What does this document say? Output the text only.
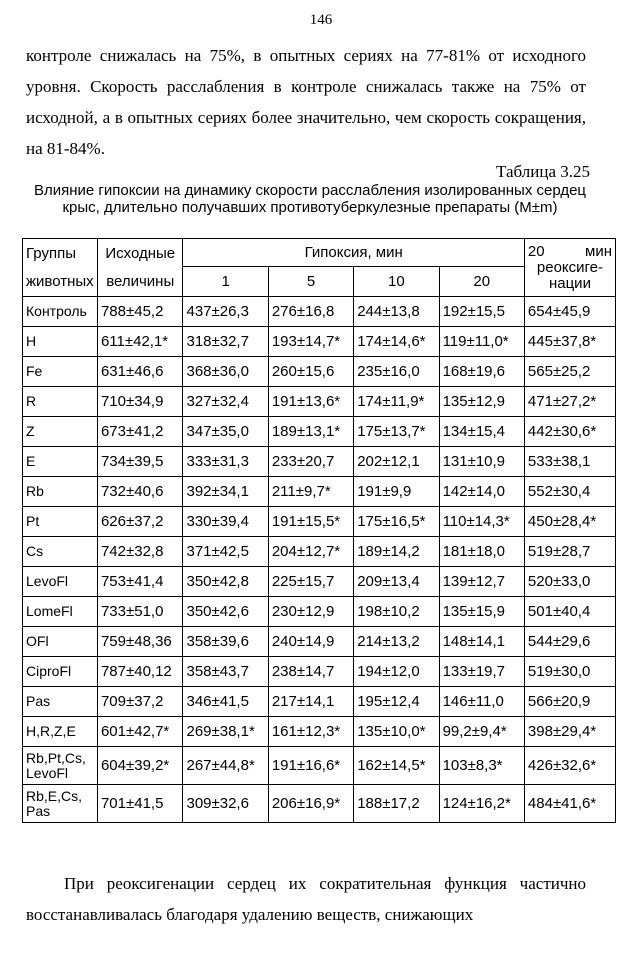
146

контроле снижалась на 75%, в опытных сериях на 77-81% от исходного уровня. Скорость расслабления в контроле снижалась также на 75% от исходной, а в опытных сериях более значительно, чем скорость сокращения, на 81-84%.

Таблица 3.25
Влияние гипоксии на динамику скорости расслабления изолированных сердец крыс, длительно получавших противотуберкулезные препараты (M±m)
Группы животных	Исходные величины	Гипоксия, мин				20 мин
реоксиге-нации

		1	5	10	20	
Контроль	788±45,2	437±26,3	276±16,8	244±13,8	192±15,5	654±45,9
H	611±42,1*	318±32,7	193±14,7*	174±14,6*	119±11,0*	445±37,8*
Fe	631±46,6	368±36,0	260±15,6	235±16,0	168±19,6	565±25,2
R	710±34,9	327±32,4	191±13,6*	174±11,9*	135±12,9	471±27,2*
Z	673±41,2	347±35,0	189±13,1*	175±13,7*	134±15,4	442±30,6*
E	734±39,5	333±31,3	233±20,7	202±12,1	131±10,9	533±38,1
Rb	732±40,6	392±34,1	211±9,7*	191±9,9	142±14,0	552±30,4
Pt	626±37,2	330±39,4	191±15,5*	175±16,5*	110±14,3*	450±28,4*
Cs	742±32,8	371±42,5	204±12,7*	189±14,2	181±18,0	519±28,7
LevoFl	753±41,4	350±42,8	225±15,7	209±13,4	139±12,7	520±33,0
LomeFl	733±51,0	350±42,6	230±12,9	198±10,2	135±15,9	501±40,4
OFl	759±48,36	358±39,6	240±14,9	214±13,2	148±14,1	544±29,6
CiproFl	787±40,12	358±43,7	238±14,7	194±12,0	133±19,7	519±30,0
Pas	709±37,2	346±41,5	217±14,1	195±12,4	146±11,0	566±20,9
H,R,Z,E	601±42,7*	269±38,1*	161±12,3*	135±10,0*	99,2±9,4*	398±29,4*
Rb,Pt,Cs, LevoFl	604±39,2*	267±44,8*	191±16,6*	162±14,5*	103±8,3*	426±32,6*
Rb,E,Cs, Pas	701±41,5	309±32,6	206±16,9*	188±17,2	124±16,2*	484±41,6*

При реоксигенации сердец их сократительная функция частично восстанавливалась благодаря удалению веществ, снижающих
